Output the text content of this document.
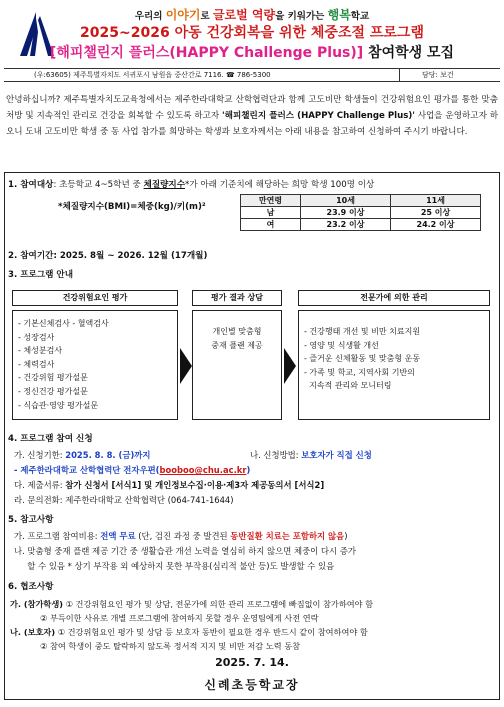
우리의 이야기로 글로벌 역량을 키워가는 행복학교
2025~2026 아동 건강회복을 위한 체중조절 프로그램
[해피챌린지 플러스(HAPPY Challenge Plus)] 참여학생 모집
(우:63605) 제주특별자치도 서귀포시 남원읍 중산간로 7116. ☎ 786-5300	담당: 보건
안녕하십니까? 제주특별자치도교육청에서는 제주한라대학교 산학협력단과 함께 고도비만 학생들이 건강위험요인 평가를 통한 맞춤 처방 및 지속적인 관리로 건강을 회복할 수 있도록 하고자 '해피챌린지 플러스 (HAPPY Challenge Plus)' 사업을 운영하고자 하오니 도내 고도비만 학생 중 동 사업 참가를 희망하는 학생과 보호자께서는 아래 내용을 참고하여 신청하여 주시기 바랍니다.
1. 참여대상: 초등학교 4~5학년 중 체질량지수*가 아래 기준치에 해당하는 희망 학생 100명 이상
*체질량지수(BMI)=체중(kg)/키(m)²
만연령	10세	11세
남	23.9 이상	25 이상
여	23.2 이상	24.2 이상
2. 참여기간: 2025. 8월 ~ 2026. 12월 (17개월)
3. 프로그램 안내
건강위험요인 평가	평가 결과 상담	전문가에 의한 관리
- 기본신체검사 - 혈액검사
- 성장검사
- 체성분검사
- 체력검사
- 건강위험 평가설문
- 정신건강 평가설문
- 식습관·영양 평가설문
개인별 맞춤형
중재 플랜 제공
- 건강행태 개선 및 비만 치료지원
- 영양 및 식생활 개선
- 즐거운 신체활동 및 맞춤형 운동
- 가족 및 학교, 지역사회 기반의
지속적 관리와 모니터링
4. 프로그램 참여 신청
가. 신청기한: 2025. 8. 8. (금)까지	나. 신청방법: 보호자가 직접 신청
- 제주한라대학교 산학협력단 전자우편(booboo@chu.ac.kr)
다. 제출서류: 참가 신청서 [서식1] 및 개인정보수집·이용·제3자 제공동의서 [서식2]
라. 문의전화: 제주한라대학교 산학협력단 (064-741-1644)
5. 참고사항
가. 프로그램 참여비용: 전액 무료 (단, 검진 과정 중 발견된 동반질환 치료는 포함하지 않음)
나. 맞춤형 중재 플랜 제공 기간 중 생활습관 개선 노력을 열심히 하지 않으면 체중이 다시 증가
할 수 있음 * 상기 부작용 외 예상하지 못한 부작용(심리적 불안 등)도 발생할 수 있음
6. 협조사항
가. (참가학생) ① 건강위험요인 평가 및 상담, 전문가에 의한 관리 프로그램에 빠짐없이 참가하여야 함
② 부득이한 사유로 개별 프로그램에 참여하지 못할 경우 운영팀에게 사전 연락
2025. 7. 14.
신례초등학교장
나. (보호자) ① 건강위험요인 평가 및 상담 등 보호자 동반이 필요한 경우 반드시 같이 참여하여야 함
② 참여 학생이 중도 탈락하지 않도록 정서적 지지 및 비만 저감 노력 동참
